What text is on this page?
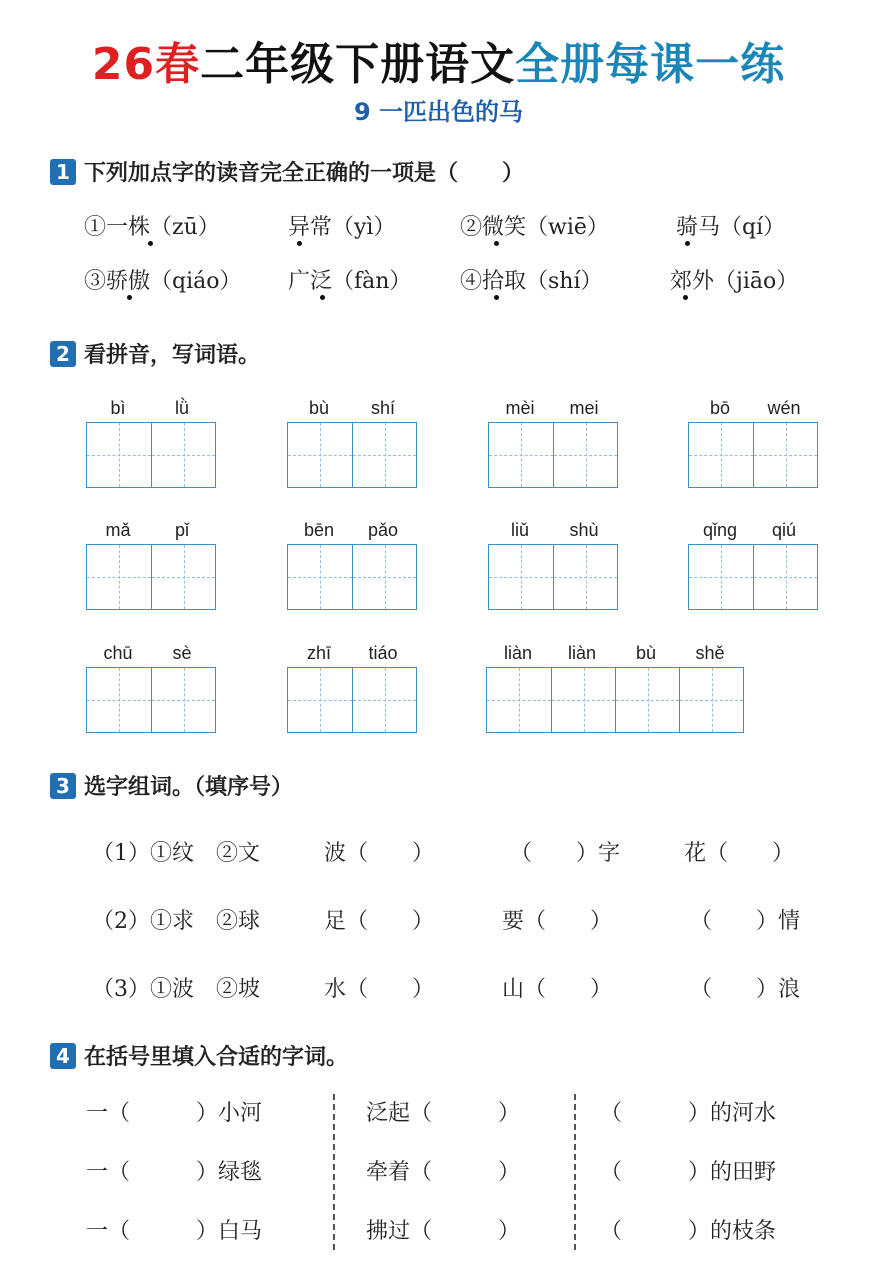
26春二年级下册语文全册每课一练
9 一匹出色的马
1 下列加点字的读音完全正确的一项是（　　）
①一株（zū）	异常（yì）	②微笑（wiē）	骑马（qí）
③骄傲（qiáo） 广泛（fàn） ④拾取（shí）	郊外（jiāo）
2 看拼音，写词语。
bì	lǜ	bù	shí	mèi	mei	bō	wén
mǎ	pǐ	bēn	pǎo	liǔ	shù	qǐng	qiú
chū	sè	zhī	tiáo	liàn	liàn	bù	shě
3 选字组词。（填序号）
（1）①纹　②文	波（　　）	（　　）字	花（　　）
（2）①求　②球	足（　　）	要（　　）	（　　）情
（3）①波　②坡	水（　　）	山（　　）	（　　）浪
4 在括号里填入合适的字词。
一（　　　）小河	泛起（　　　）	（　　　）的河水
一（　　　）绿毯	牵着（　　　）	（　　　）的田野
一（　　　）白马	拂过（　　　）	（　　　）的枝条
